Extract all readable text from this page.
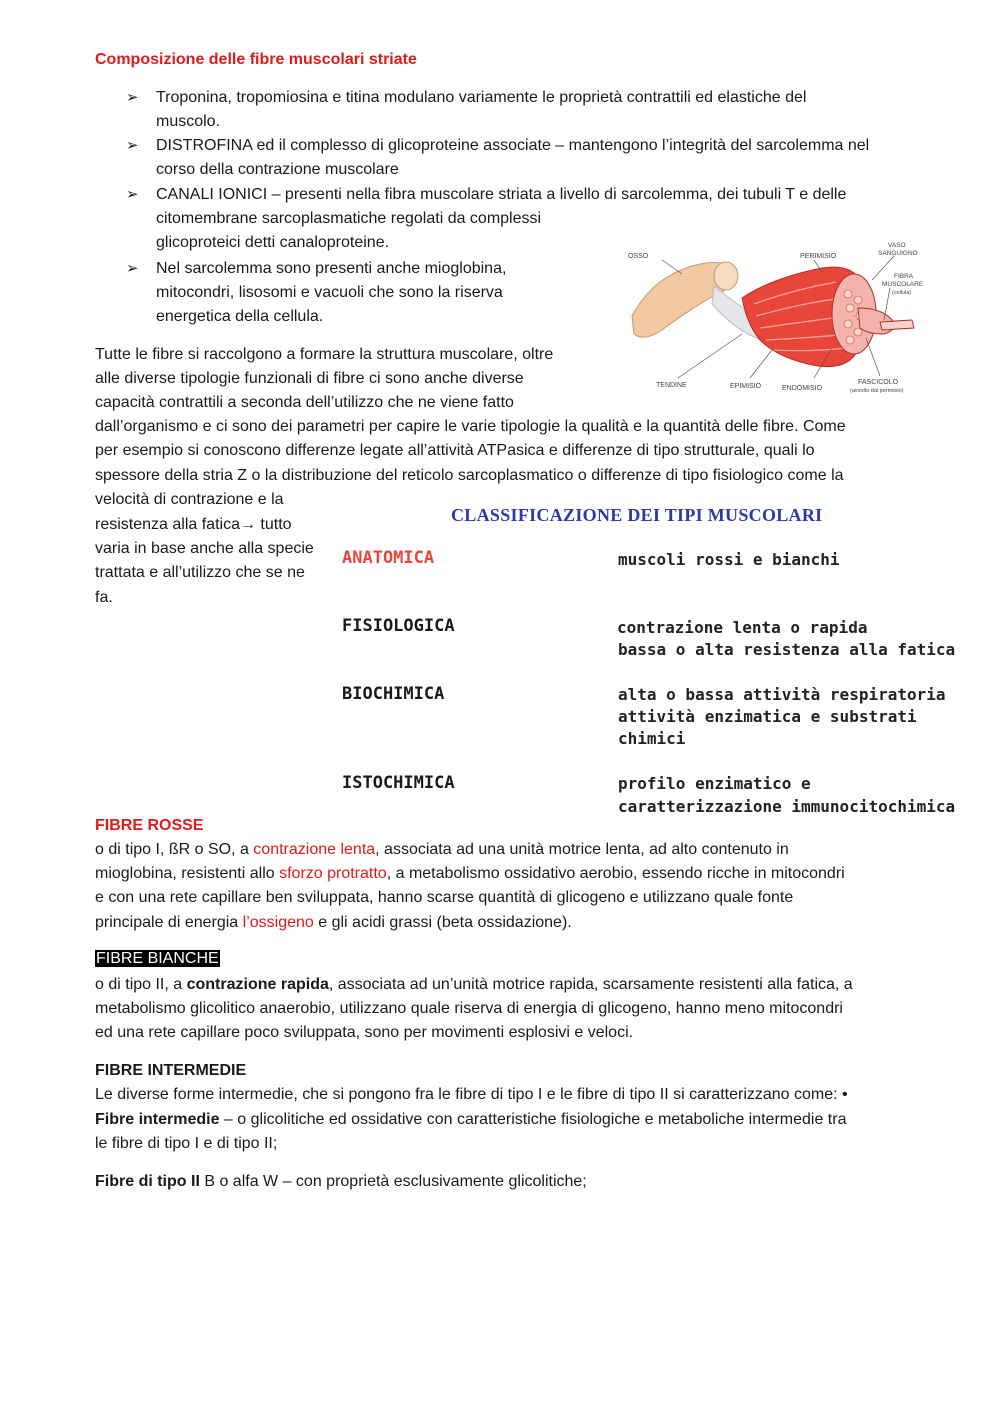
Composizione delle fibre muscolari striate
➢ Troponina, tropomiosina e titina modulano variamente le proprietà contrattili ed elastiche del
muscolo.
➢ DISTROFINA ed il complesso di glicoproteine associate – mantengono l’integrità del sarcolemma nel
corso della contrazione muscolare
➢ CANALI IONICI – presenti nella fibra muscolare striata a livello di sarcolemma, dei tubuli T e delle
citomembrane sarcoplasmatiche regolati da complessi
glicoproteici detti canaloproteine.
➢ Nel sarcolemma sono presenti anche mioglobina,
mitocondri, lisosomi e vacuoli che sono la riserva
energetica della cellula.
OSSO	PERIMISIO
VASO
SANGUIGNO
FIBRA
MUSCOLARE
(cellula)
TENDINE	EPIMISIO	ENDOMISIO
FASCICOLO
(avvolto dal perimisio)
Tutte le fibre si raccolgono a formare la struttura muscolare, oltre
alle diverse tipologie funzionali di fibre ci sono anche diverse
capacità contrattili a seconda dell’utilizzo che ne viene fatto
dall’organismo e ci sono dei parametri per capire le varie tipologie la qualità e la quantità delle fibre. Come
per esempio si conoscono differenze legate all’attività ATPasica e differenze di tipo strutturale, quali lo
spessore della stria Z o la distribuzione del reticolo sarcoplasmatico o differenze di tipo fisiologico come la
velocità di contrazione e la
resistenza alla fatica→ tutto
varia in base anche alla specie
trattata e all’utilizzo che se ne
fa.
CLASSIFICAZIONE DEI TIPI MUSCOLARI
ANATOMICA	muscoli rossi e bianchi
FISIOLOGICA	contrazione lenta o rapida
bassa o alta resistenza alla fatica
BIOCHIMICA	alta o bassa attività respiratoria
attività enzimatica e substrati
chimici
ISTOCHIMICA	profilo enzimatico e
caratterizzazione immunocitochimica
FIBRE ROSSE
o di tipo I, ßR o SO, a contrazione lenta, associata ad una unità motrice lenta, ad alto contenuto in
mioglobina, resistenti allo sforzo protratto, a metabolismo ossidativo aerobio, essendo ricche in mitocondri
e con una rete capillare ben sviluppata, hanno scarse quantità di glicogeno e utilizzano quale fonte
principale di energia l’ossigeno e gli acidi grassi (beta ossidazione).
FIBRE BIANCHE
o di tipo II, a contrazione rapida, associata ad un’unità motrice rapida, scarsamente resistenti alla fatica, a
metabolismo glicolitico anaerobio, utilizzano quale riserva di energia di glicogeno, hanno meno mitocondri
ed una rete capillare poco sviluppata, sono per movimenti esplosivi e veloci.
FIBRE INTERMEDIE
Le diverse forme intermedie, che si pongono fra le fibre di tipo I e le fibre di tipo II si caratterizzano come: •
Fibre intermedie – o glicolitiche ed ossidative con caratteristiche fisiologiche e metaboliche intermedie tra
le fibre di tipo I e di tipo II;
Fibre di tipo II B o alfa W – con proprietà esclusivamente glicolitiche;
